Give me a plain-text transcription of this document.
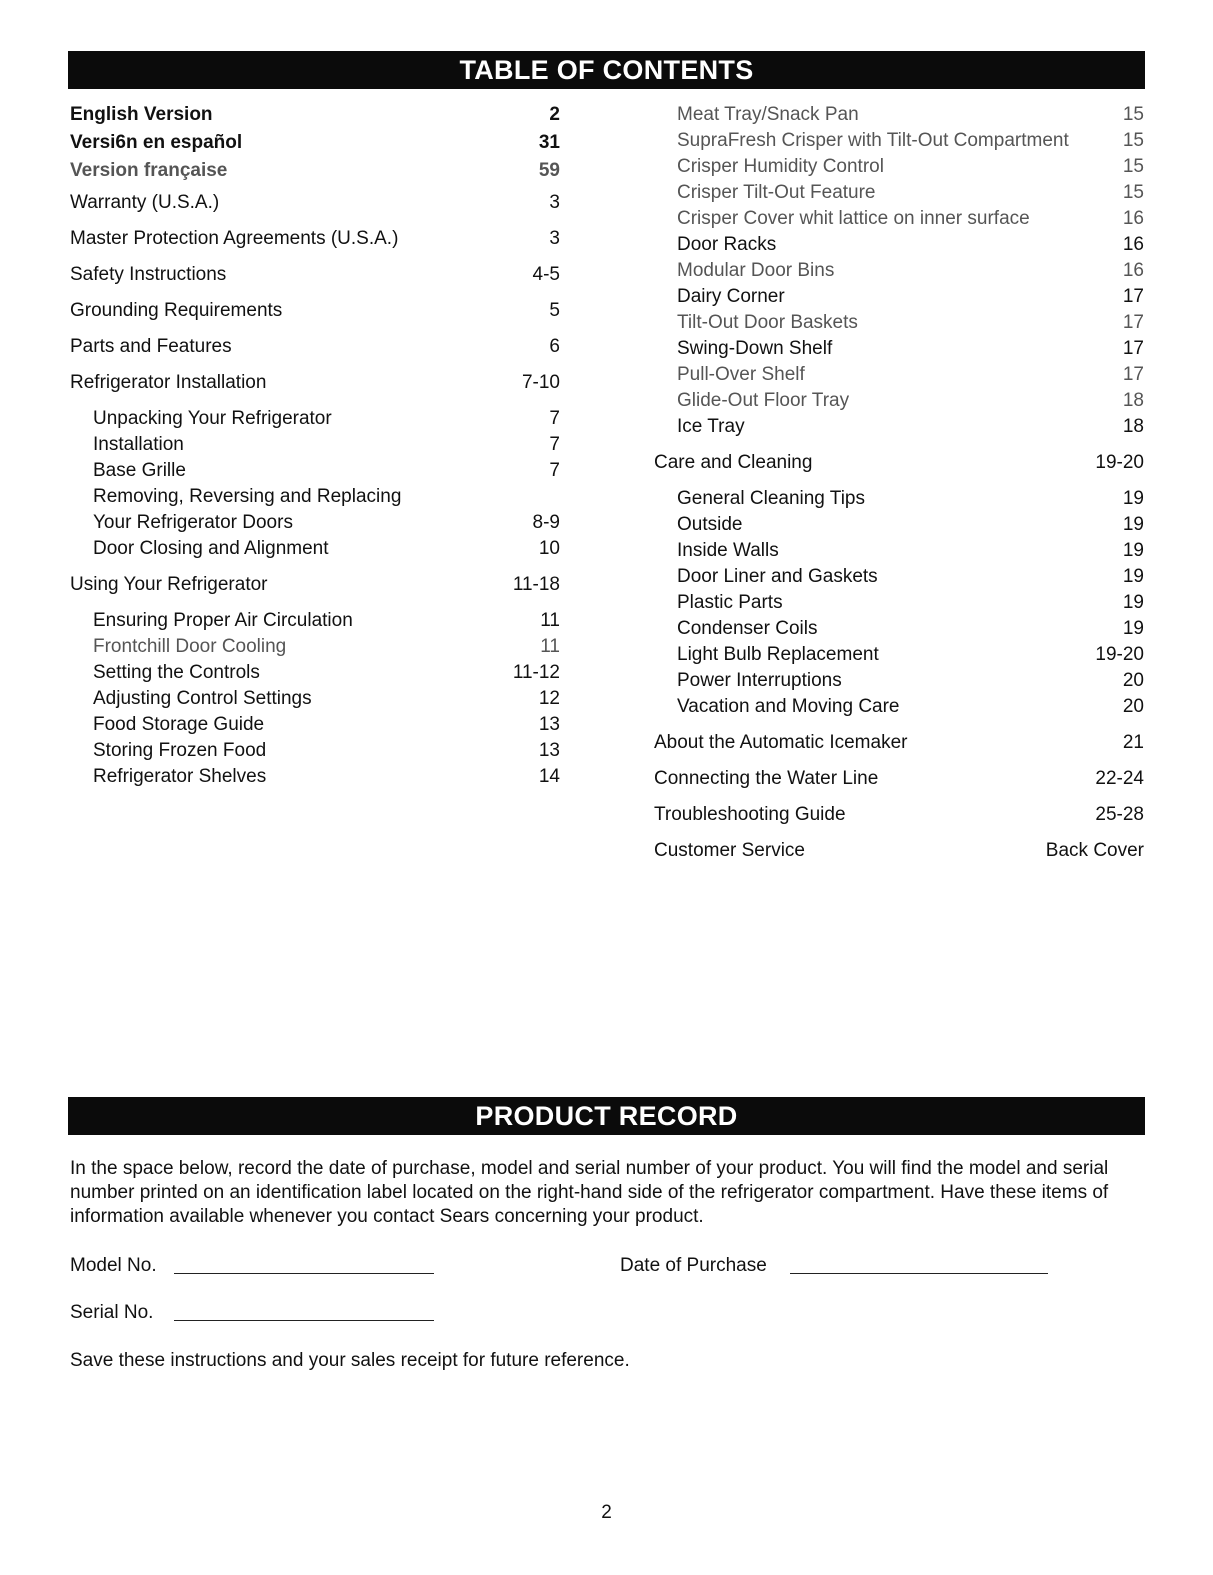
TABLE OF CONTENTS
English Version	2
Versi6n en español	31
Version française	59
Warranty (U.S.A.)	3
Master Protection Agreements (U.S.A.)	3
Safety Instructions	4-5
Grounding Requirements	5
Parts and Features	6
Refrigerator Installation	7-10
Unpacking Your Refrigerator	7
Installation	7
Base Grille	7
Removing, Reversing and Replacing
Your Refrigerator Doors	8-9
Door Closing and Alignment	10
Using Your Refrigerator	11-18
Ensuring Proper Air Circulation	11
Frontchill Door Cooling	11
Setting the Controls	11-12
Adjusting Control Settings	12
Food Storage Guide	13
Storing Frozen Food	13
Refrigerator Shelves	14
Meat Tray/Snack Pan	15
SupraFresh Crisper with Tilt-Out Compartment	15
Crisper Humidity Control	15
Crisper Tilt-Out Feature	15
Crisper Cover whit lattice on inner surface	16
Door Racks	16
Modular Door Bins	16
Dairy Corner	17
Tilt-Out Door Baskets	17
Swing-Down Shelf	17
Pull-Over Shelf	17
Glide-Out Floor Tray	18
Ice Tray	18
Care and Cleaning	19-20
General Cleaning Tips	19
Outside	19
Inside Walls	19
Door Liner and Gaskets	19
Plastic Parts	19
Condenser Coils	19
Light Bulb Replacement	19-20
Power Interruptions	20
Vacation and Moving Care	20
About the Automatic Icemaker	21
Connecting the Water Line	22-24
Troubleshooting Guide	25-28
Customer Service	Back Cover
PRODUCT RECORD
In the space below, record the date of purchase, model and serial number of your product. You will find the model and serial number printed on an identification label located on the right-hand side of the refrigerator compartment. Have these items of information available whenever you contact Sears concerning your product.
Model No.	Date of Purchase
Serial No.
Save these instructions and your sales receipt for future reference.
2
